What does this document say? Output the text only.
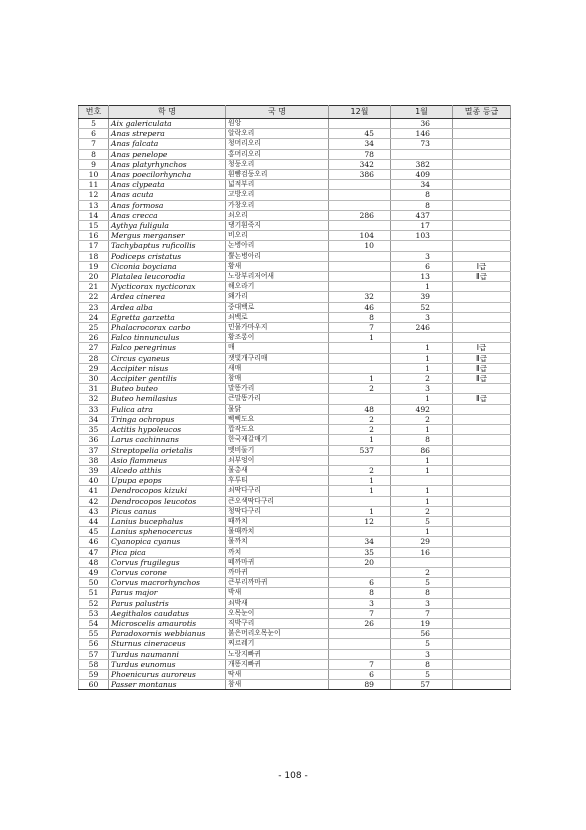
번호	학 명	국 명	12월	1월	멸종 등급
5	Aix galericulata	원앙		36	
6	Anas strepera	알락오리	45	146	
7	Anas falcata	청머리오리	34	73	
8	Anas penelope	홍머리오리	78		
9	Anas platyrhynchos	청둥오리	342	382	
10	Anas poecilorhyncha	흰뺨검둥오리	386	409	
11	Anas clypeata	넓적부리		34	
12	Anas acuta	고방오리		8	
13	Anas formosa	가창오리		8	
14	Anas crecca	쇠오리	286	437	
15	Aythya fuligula	댕기흰죽지		17	
16	Mergus merganser	비오리	104	103	
17	Tachybaptus ruficollis	논병아리	10		
18	Podiceps cristatus	뿔논병아리		3	
19	Ciconia boyciana	황새		6	Ⅰ급
20	Platalea leucorodia	노랑부리저어새		13	Ⅱ급
21	Nycticorax nycticorax	해오라기		1	
22	Ardea cinerea	왜가리	32	39	
23	Ardea alba	중대백로	46	52	
24	Egretta garzetta	쇠백로	8	3	
25	Phalacrocorax carbo	민물가마우지	7	246	
26	Falco tinnunculus	황조롱이	1		
27	Falco peregrinus	매		1	Ⅰ급
28	Circus cyaneus	잿빛개구리매		1	Ⅱ급
29	Accipiter nisus	새매		1	Ⅱ급
30	Accipiter gentilis	참매	1	2	Ⅱ급
31	Buteo buteo	말똥가리	2	3	
32	Buteo hemilasius	큰말똥가리		1	Ⅱ급
33	Fulica atra	물닭	48	492	
34	Tringa ochropus	삑삑도요	2	2	
35	Actitis hypoleucos	깝작도요	2	1	
36	Larus cachinnans	한국재갈매기	1	8	
37	Streptopelia orietalis	멧비둘기	537	86	
38	Asio flammeus	쇠부엉이		1	
39	Alcedo atthis	물총새	2	1	
40	Upupa epops	후투티	1		
41	Dendrocopos kizuki	쇠딱다구리	1	1	
42	Dendrocopos leucotos	큰오색딱다구리		1	
43	Picus canus	청딱다구리	1	2	
44	Lanius bucephalus	때까치	12	5	
45	Lanius sphenocercus	물때까치		1	
46	Cyanopica cyanus	물까치	34	29	
47	Pica pica	까치	35	16	
48	Corvus frugilegus	떼까마귀	20		
49	Corvus corone	까마귀		2	
50	Corvus macrorhynchos	큰부리까마귀	6	5	
51	Parus major	박새	8	8	
52	Parus palustris	쇠박새	3	3	
53	Aegithalos caudatus	오목눈이	7	7	
54	Microscelis amaurotis	직박구리	26	19	
55	Paradoxornis webbianus	붉은머리오목눈이		56	
56	Sturnus cineraceus	찌르레기		5	
57	Turdus naumanni	노랑지빠귀		3	
58	Turdus eunomus	개똥지빠귀	7	8	
59	Phoenicurus auroreus	딱새	6	5	
60	Passer montanus	참새	89	57	
- 108 -
